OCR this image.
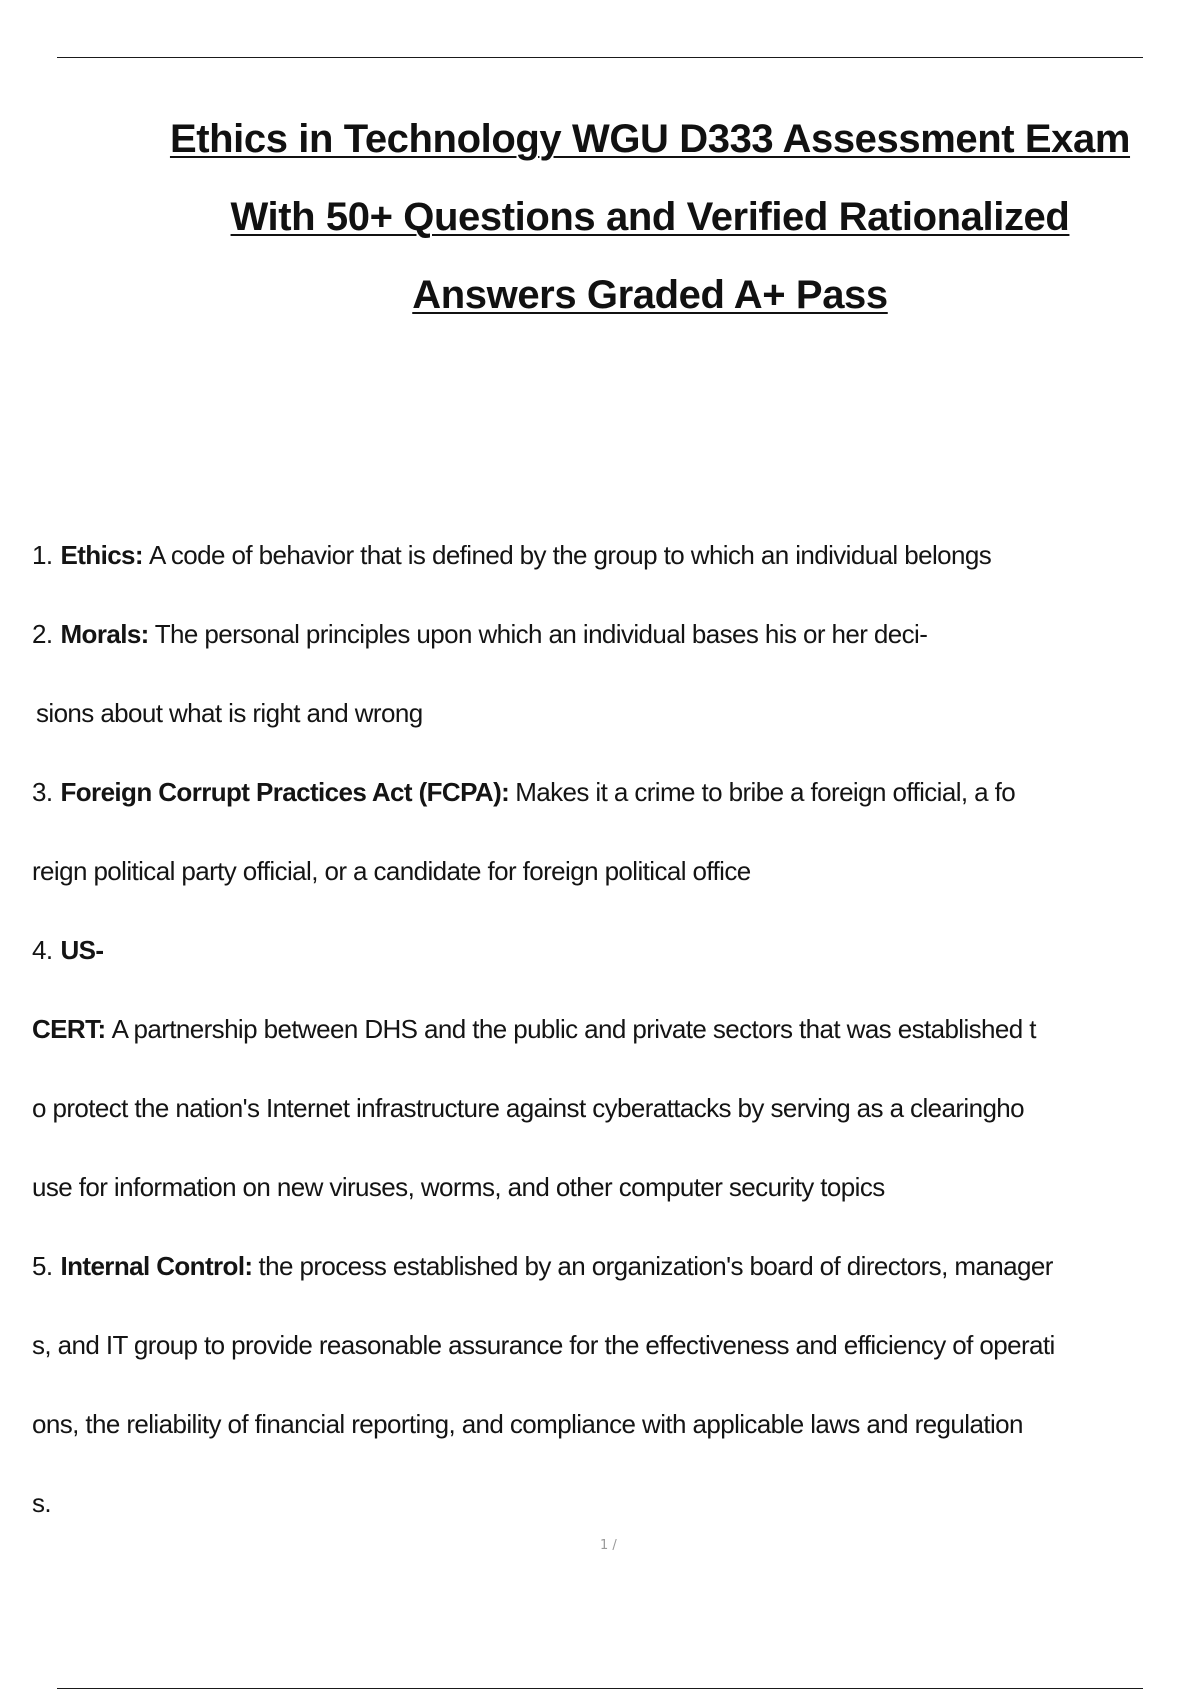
Ethics in Technology WGU D333 Assessment Exam
With 50+ Questions and Verified Rationalized
Answers Graded A+ Pass
1. Ethics: A code of behavior that is defined by the group to which an individual belongs
2. Morals: The personal principles upon which an individual bases his or her deci-
sions about what is right and wrong
3. Foreign Corrupt Practices Act (FCPA): Makes it a crime to bribe a foreign official, a fo
reign political party official, or a candidate for foreign political office
4. US-
CERT: A partnership between DHS and the public and private sectors that was established t
o protect the nation's Internet infrastructure against cyberattacks by serving as a clearingho
use for information on new viruses, worms, and other computer security topics
5. Internal Control: the process established by an organization's board of directors, manager
s, and IT group to provide reasonable assurance for the effectiveness and efficiency of operati
ons, the reliability of financial reporting, and compliance with applicable laws and regulation
s.
1 /
